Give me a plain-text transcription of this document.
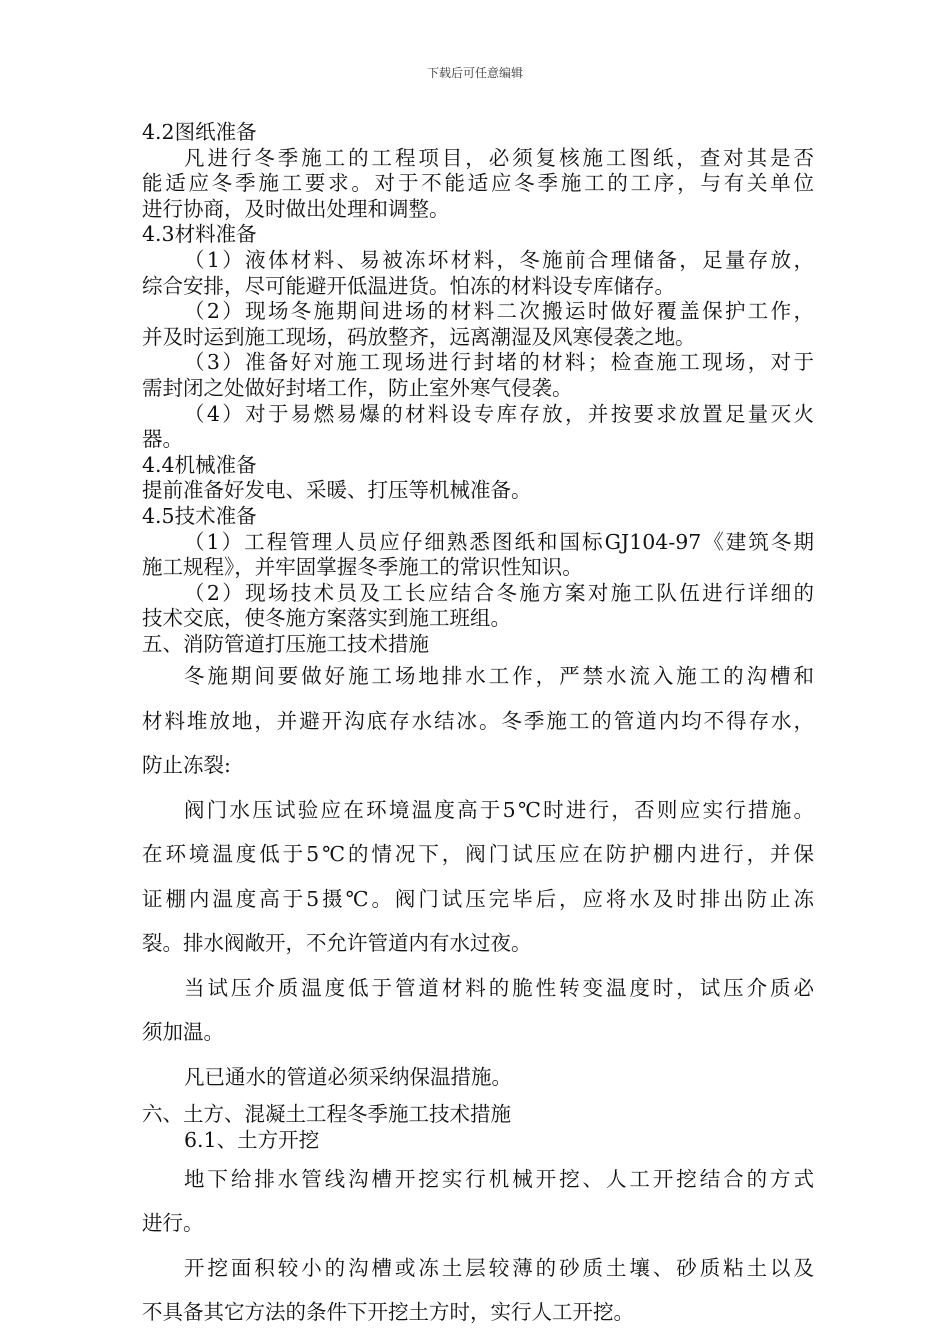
下载后可任意编辑
4.2图纸准备
凡进行冬季施工的工程项目，必须复核施工图纸，查对其是否
能适应冬季施工要求。对于不能适应冬季施工的工序，与有关单位
进行协商，及时做出处理和调整。
4.3材料准备
（1）液体材料、易被冻坏材料，冬施前合理储备，足量存放，
综合安排，尽可能避开低温进货。怕冻的材料设专库储存。
（2）现场冬施期间进场的材料二次搬运时做好覆盖保护工作，
并及时运到施工现场，码放整齐，远离潮湿及风寒侵袭之地。
（3）准备好对施工现场进行封堵的材料；检查施工现场，对于
需封闭之处做好封堵工作，防止室外寒气侵袭。
（4）对于易燃易爆的材料设专库存放，并按要求放置足量灭火
器。
4.4机械准备
提前准备好发电、采暖、打压等机械准备。
4.5技术准备
（1）工程管理人员应仔细熟悉图纸和国标GJ104-97《建筑冬期
施工规程》，并牢固掌握冬季施工的常识性知识。
（2）现场技术员及工长应结合冬施方案对施工队伍进行详细的
技术交底，使冬施方案落实到施工班组。
五、消防管道打压施工技术措施
冬施期间要做好施工场地排水工作，严禁水流入施工的沟槽和
材料堆放地，并避开沟底存水结冰。冬季施工的管道内均不得存水，
防止冻裂:
阀门水压试验应在环境温度高于5℃时进行，否则应实行措施。
在环境温度低于5℃的情况下，阀门试压应在防护棚内进行，并保
证棚内温度高于5摄℃。阀门试压完毕后，应将水及时排出防止冻
裂。排水阀敞开，不允许管道内有水过夜。
当试压介质温度低于管道材料的脆性转变温度时，试压介质必
须加温。
凡已通水的管道必须采纳保温措施。
六、土方、混凝土工程冬季施工技术措施
6.1、土方开挖
地下给排水管线沟槽开挖实行机械开挖、人工开挖结合的方式
进行。
开挖面积较小的沟槽或冻土层较薄的砂质土壤、砂质粘土以及
不具备其它方法的条件下开挖土方时，实行人工开挖。
